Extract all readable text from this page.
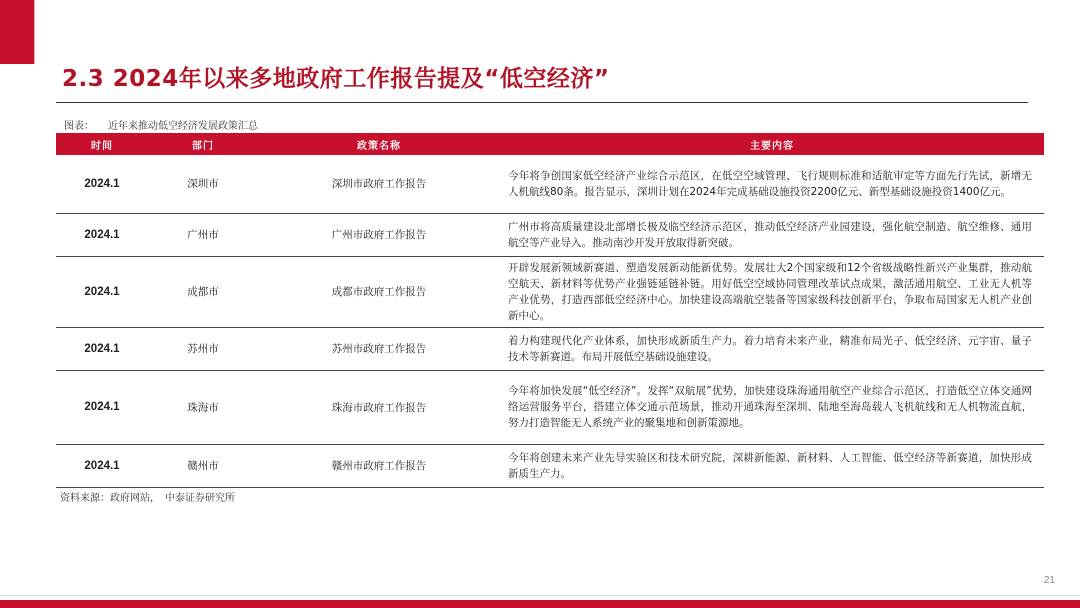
2.3 2024年以来多地政府工作报告提及“低空经济”
图表： 近年来推动低空经济发展政策汇总
时间	部门	政策名称	主要内容
2024.1	深圳市	深圳市政府工作报告	今年将争创国家低空经济产业综合示范区，在低空空域管理、飞行规则标准和适航审定等方面先行先试，新增无人机航线80条。报告显示，深圳计划在2024年完成基础设施投资2200亿元、新型基础设施投资1400亿元。
2024.1	广州市	广州市政府工作报告	广州市将高质量建设北部增长极及临空经济示范区，推动低空经济产业园建设，强化航空制造、航空维修、通用航空等产业导入。推动南沙开发开放取得新突破。
2024.1	成都市	成都市政府工作报告	开辟发展新领域新赛道、塑造发展新动能新优势。发展壮大2个国家级和12个省级战略性新兴产业集群，推动航空航天、新材料等优势产业强链延链补链。用好低空空域协同管理改革试点成果，激活通用航空、工业无人机等产业优势，打造西部低空经济中心。加快建设高端航空装备等国家级科技创新平台，争取布局国家无人机产业创新中心。
2024.1	苏州市	苏州市政府工作报告	着力构建现代化产业体系，加快形成新质生产力。着力培育未来产业，精准布局光子、低空经济、元宇宙、量子技术等新赛道。布局开展低空基础设施建设。
2024.1	珠海市	珠海市政府工作报告	今年将加快发展“低空经济”。发挥“双航展”优势，加快建设珠海通用航空产业综合示范区，打造低空立体交通网络运营服务平台，搭建立体交通示范场景，推动开通珠海至深圳、陆地至海岛载人飞机航线和无人机物流直航，努力打造智能无人系统产业的聚集地和创新策源地。
2024.1	赣州市	赣州市政府工作报告	今年将创建未来产业先导实验区和技术研究院，深耕新能源、新材料、人工智能、低空经济等新赛道，加快形成新质生产力。
资料来源：政府网站，　中泰证券研究所
21
